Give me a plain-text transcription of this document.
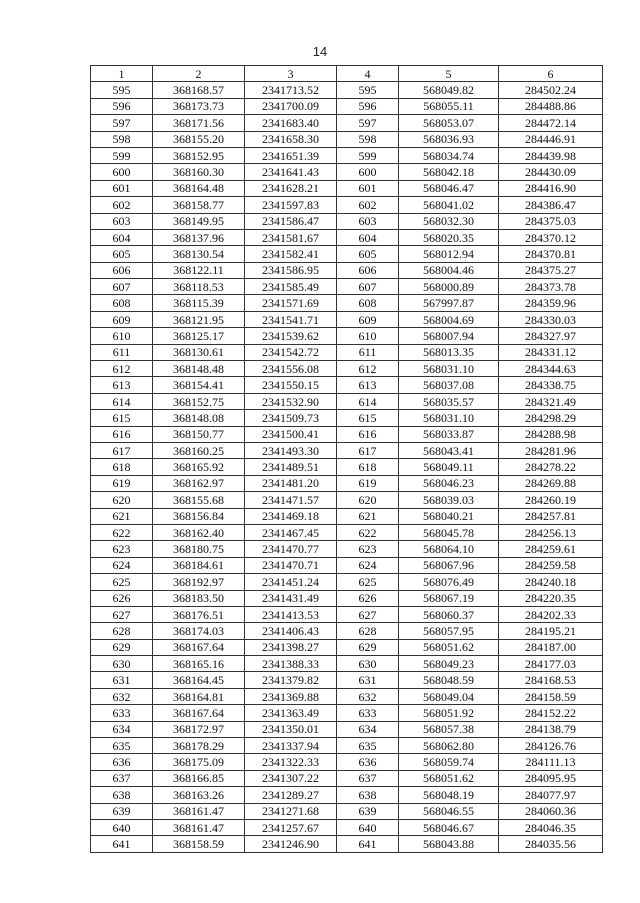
14
1	2	3	4	5	6
595	368168.57	2341713.52	595	568049.82	284502.24
596	368173.73	2341700.09	596	568055.11	284488.86
597	368171.56	2341683.40	597	568053.07	284472.14
598	368155.20	2341658.30	598	568036.93	284446.91
599	368152.95	2341651.39	599	568034.74	284439.98
600	368160.30	2341641.43	600	568042.18	284430.09
601	368164.48	2341628.21	601	568046.47	284416.90
602	368158.77	2341597.83	602	568041.02	284386.47
603	368149.95	2341586.47	603	568032.30	284375.03
604	368137.96	2341581.67	604	568020.35	284370.12
605	368130.54	2341582.41	605	568012.94	284370.81
606	368122.11	2341586.95	606	568004.46	284375.27
607	368118.53	2341585.49	607	568000.89	284373.78
608	368115.39	2341571.69	608	567997.87	284359.96
609	368121.95	2341541.71	609	568004.69	284330.03
610	368125.17	2341539.62	610	568007.94	284327.97
611	368130.61	2341542.72	611	568013.35	284331.12
612	368148.48	2341556.08	612	568031.10	284344.63
613	368154.41	2341550.15	613	568037.08	284338.75
614	368152.75	2341532.90	614	568035.57	284321.49
615	368148.08	2341509.73	615	568031.10	284298.29
616	368150.77	2341500.41	616	568033.87	284288.98
617	368160.25	2341493.30	617	568043.41	284281.96
618	368165.92	2341489.51	618	568049.11	284278.22
619	368162.97	2341481.20	619	568046.23	284269.88
620	368155.68	2341471.57	620	568039.03	284260.19
621	368156.84	2341469.18	621	568040.21	284257.81
622	368162.40	2341467.45	622	568045.78	284256.13
623	368180.75	2341470.77	623	568064.10	284259.61
624	368184.61	2341470.71	624	568067.96	284259.58
625	368192.97	2341451.24	625	568076.49	284240.18
626	368183.50	2341431.49	626	568067.19	284220.35
627	368176.51	2341413.53	627	568060.37	284202.33
628	368174.03	2341406.43	628	568057.95	284195.21
629	368167.64	2341398.27	629	568051.62	284187.00
630	368165.16	2341388.33	630	568049.23	284177.03
631	368164.45	2341379.82	631	568048.59	284168.53
632	368164.81	2341369.88	632	568049.04	284158.59
633	368167.64	2341363.49	633	568051.92	284152.22
634	368172.97	2341350.01	634	568057.38	284138.79
635	368178.29	2341337.94	635	568062.80	284126.76
636	368175.09	2341322.33	636	568059.74	284111.13
637	368166.85	2341307.22	637	568051.62	284095.95
638	368163.26	2341289.27	638	568048.19	284077.97
639	368161.47	2341271.68	639	568046.55	284060.36
640	368161.47	2341257.67	640	568046.67	284046.35
641	368158.59	2341246.90	641	568043.88	284035.56
